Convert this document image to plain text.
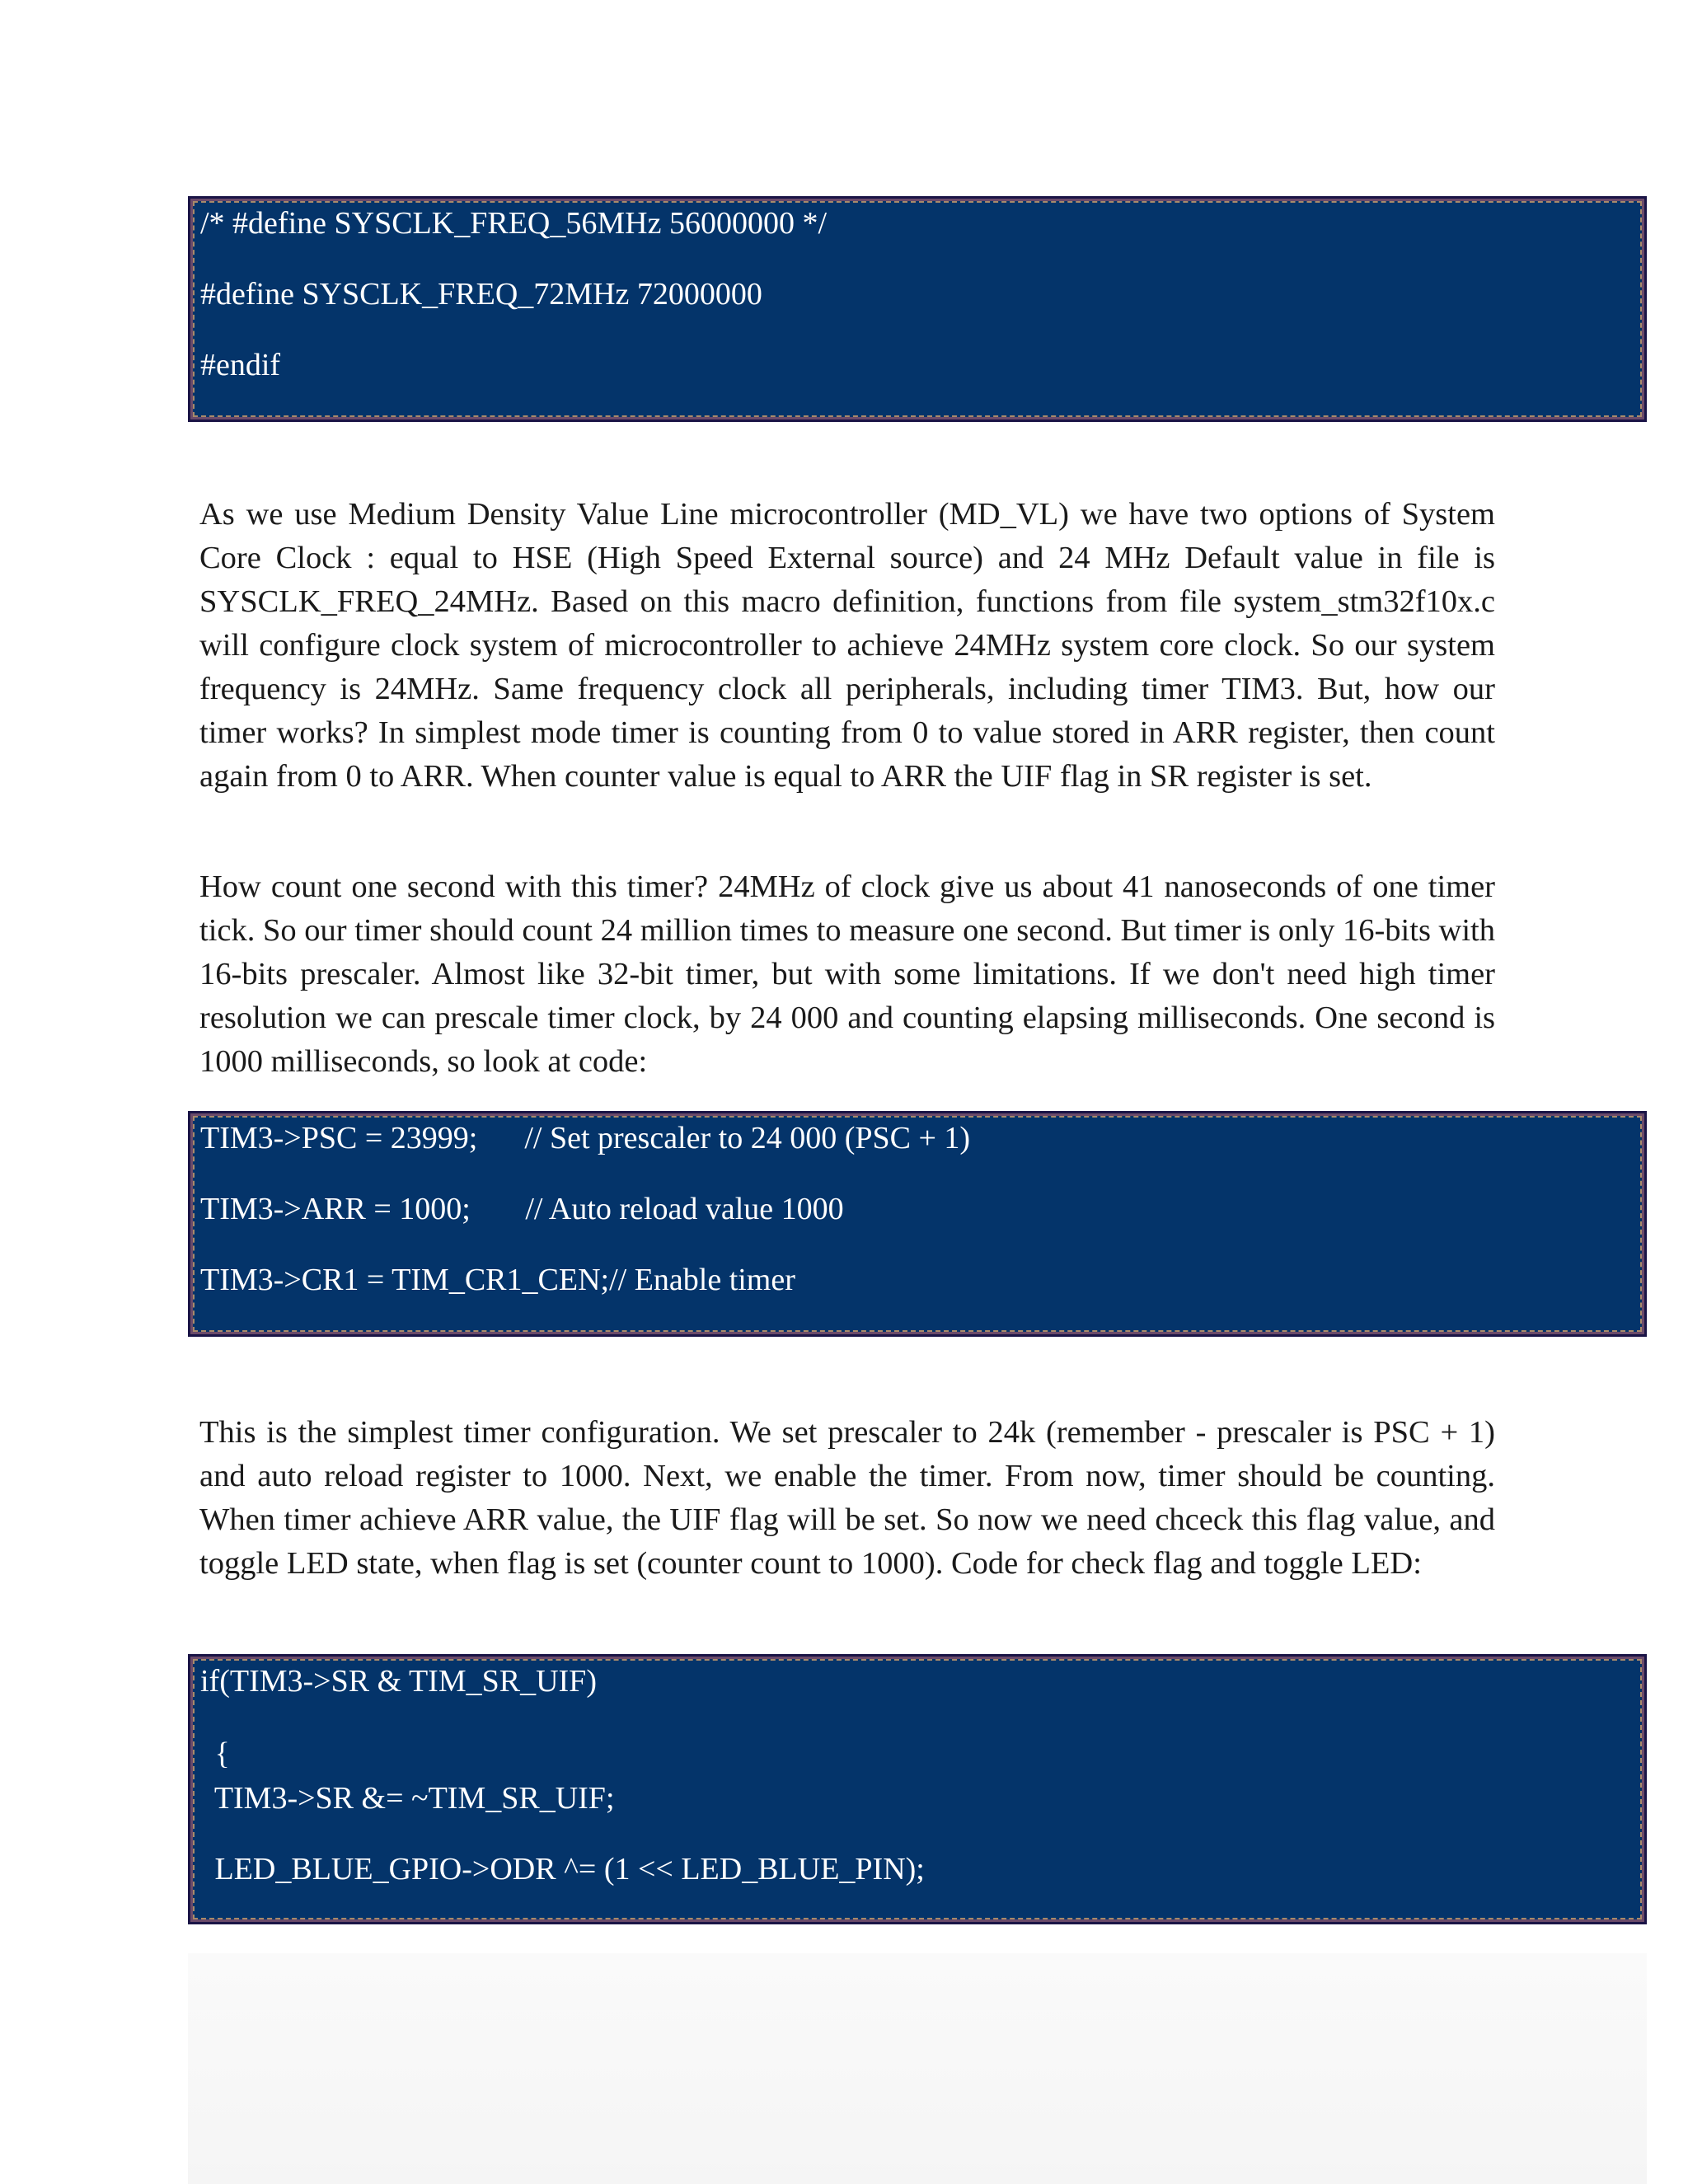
/* #define SYSCLK_FREQ_56MHz 56000000 */
#define SYSCLK_FREQ_72MHz 72000000
#endif

As we use Medium Density Value Line microcontroller (MD_VL) we have two options of System Core Clock : equal to HSE (High Speed External source) and 24 MHz Default value in file is SYSCLK_FREQ_24MHz. Based on this macro definition, functions from file system_stm32f10x.c will configure clock system of microcontroller to achieve 24MHz system core clock. So our system frequency is 24MHz. Same frequency clock all peripherals, including timer TIM3. But, how our timer works? In simplest mode timer is counting from 0 to value stored in ARR register, then count again from 0 to ARR. When counter value is equal to ARR the UIF flag in SR register is set.

How count one second with this timer? 24MHz of clock give us about 41 nanoseconds of one timer tick. So our timer should count 24 million times to measure one second. But timer is only 16-bits with 16-bits prescaler. Almost like 32-bit timer, but with some limitations. If we don't need high timer resolution we can prescale timer clock, by 24 000 and counting elapsing milliseconds. One second is 1000 milliseconds, so look at code:

TIM3->PSC = 23999;      // Set prescaler to 24 000 (PSC + 1)
TIM3->ARR = 1000;       // Auto reload value 1000
TIM3->CR1 = TIM_CR1_CEN;// Enable timer

This is the simplest timer configuration. We set prescaler to 24k (remember - prescaler is PSC + 1) and auto reload register to 1000. Next, we enable the timer. From now, timer should be counting. When timer achieve ARR value, the UIF flag will be set. So now we need chceck this flag value, and toggle LED state, when flag is set (counter count to 1000). Code for check flag and toggle LED:

if(TIM3->SR & TIM_SR_UIF)
{
TIM3->SR &= ~TIM_SR_UIF;
LED_BLUE_GPIO->ODR ^= (1 << LED_BLUE_PIN);
